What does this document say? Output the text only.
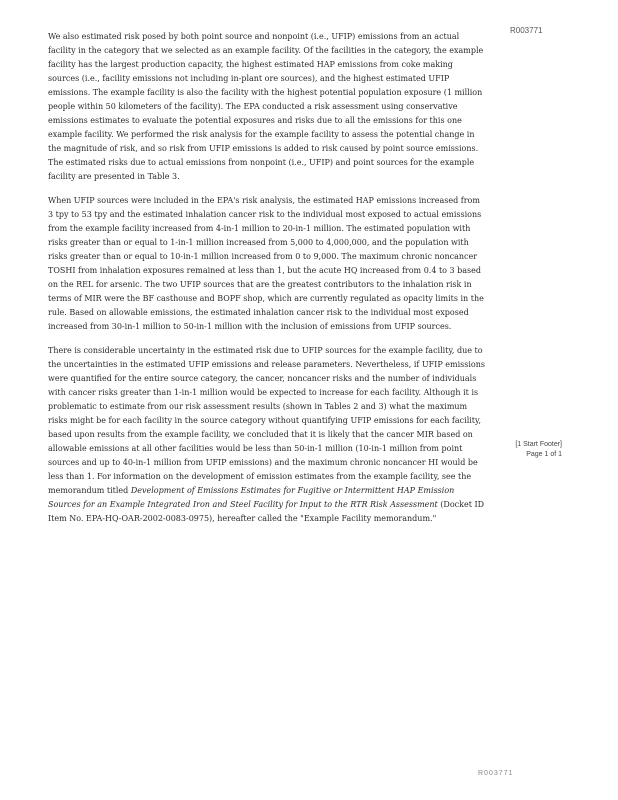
R003771

We also estimated risk posed by both point source and nonpoint (i.e., UFIP) emissions from an actual facility in the category that we selected as an example facility. Of the facilities in the category, the example facility has the largest production capacity, the highest estimated HAP emissions from coke making sources (i.e., facility emissions not including in-plant ore sources), and the highest estimated UFIP emissions. The example facility is also the facility with the highest potential population exposure (1 million people within 50 kilometers of the facility). The EPA conducted a risk assessment using conservative emissions estimates to evaluate the potential exposures and risks due to all the emissions for this one example facility. We performed the risk analysis for the example facility to assess the potential change in the magnitude of risk, and so risk from UFIP emissions is added to risk caused by point source emissions. The estimated risks due to actual emissions from nonpoint (i.e., UFIP) and point sources for the example facility are presented in Table 3.

When UFIP sources were included in the EPA's risk analysis, the estimated HAP emissions increased from 3 tpy to 53 tpy and the estimated inhalation cancer risk to the individual most exposed to actual emissions from the example facility increased from 4-in-1 million to 20-in-1 million. The estimated population with risks greater than or equal to 1-in-1 million increased from 5,000 to 4,000,000, and the population with risks greater than or equal to 10-in-1 million increased from 0 to 9,000. The maximum chronic noncancer TOSHI from inhalation exposures remained at less than 1, but the acute HQ increased from 0.4 to 3 based on the REL for arsenic. The two UFIP sources that are the greatest contributors to the inhalation risk in terms of MIR were the BF casthouse and BOPF shop, which are currently regulated as opacity limits in the rule. Based on allowable emissions, the estimated inhalation cancer risk to the individual most exposed increased from 30-in-1 million to 50-in-1 million with the inclusion of emissions from UFIP sources.

There is considerable uncertainty in the estimated risk due to UFIP sources for the example facility, due to the uncertainties in the estimated UFIP emissions and release parameters. Nevertheless, if UFIP emissions were quantified for the entire source category, the cancer, noncancer risks and the number of individuals with cancer risks greater than 1-in-1 million would be expected to increase for each facility. Although it is problematic to estimate from our risk assessment results (shown in Tables 2 and 3) what the maximum risks might be for each facility in the source category without quantifying UFIP emissions for each facility, based upon results from the example facility, we concluded that it is likely that the cancer MIR based on allowable emissions at all other facilities would be less than 50-in-1 million (10-in-1 million from point sources and up to 40-in-1 million from UFIP emissions) and the maximum chronic noncancer HI would be less than 1. For information on the development of emission estimates from the example facility, see the memorandum titled Development of Emissions Estimates for Fugitive or Intermittent HAP Emission Sources for an Example Integrated Iron and Steel Facility for Input to the RTR Risk Assessment (Docket ID Item No. EPA-HQ-OAR-2002-0083-0975), hereafter called the "Example Facility memorandum."

[1 Start Footer] Page 1 of 1
R003771
